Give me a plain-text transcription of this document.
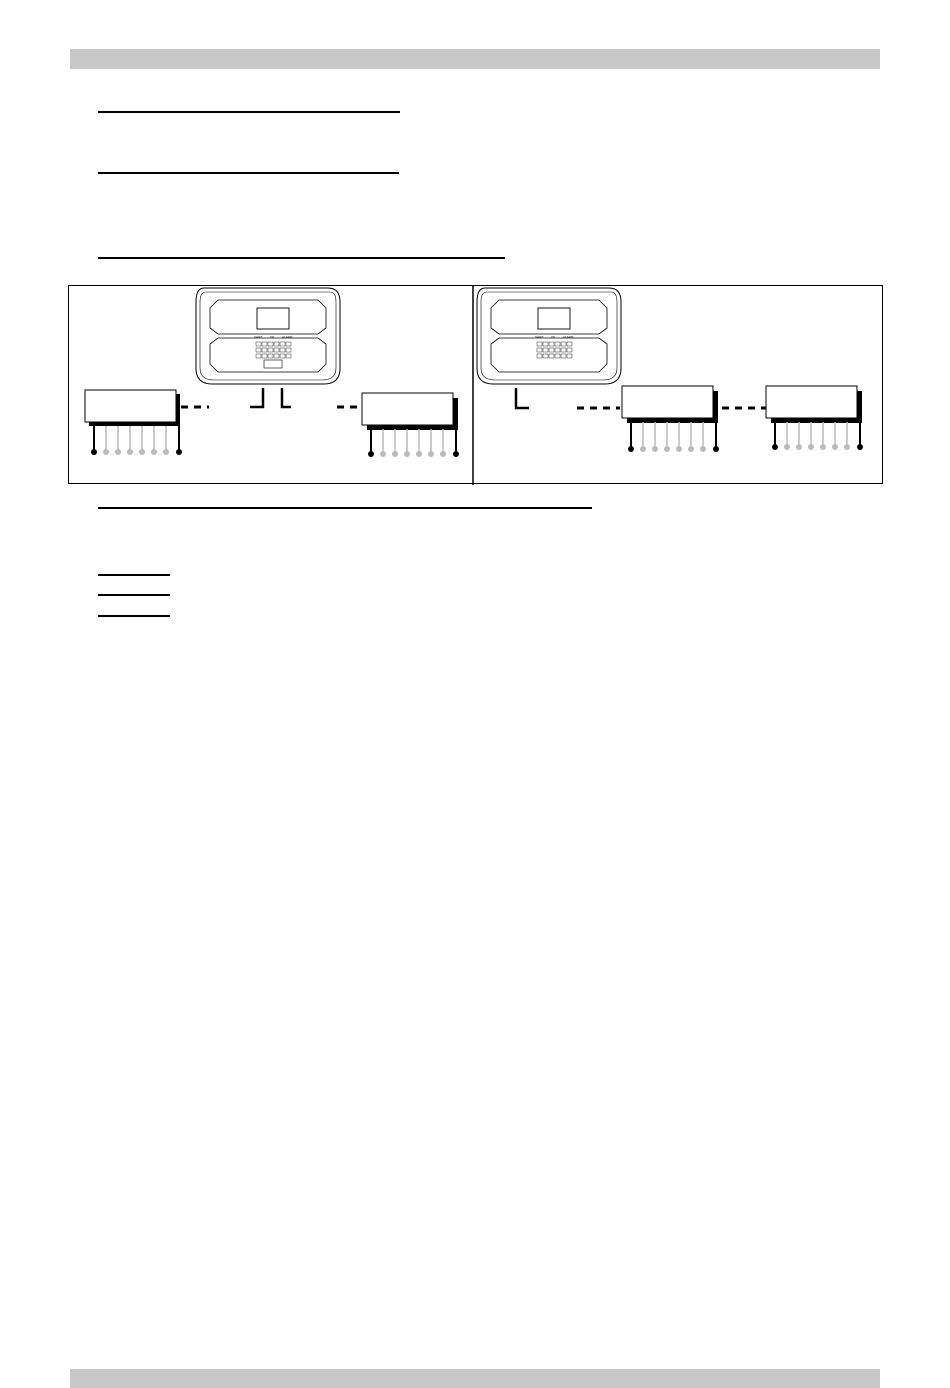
SHIFT OK	ALARM	SHIFT OK	ALARM
